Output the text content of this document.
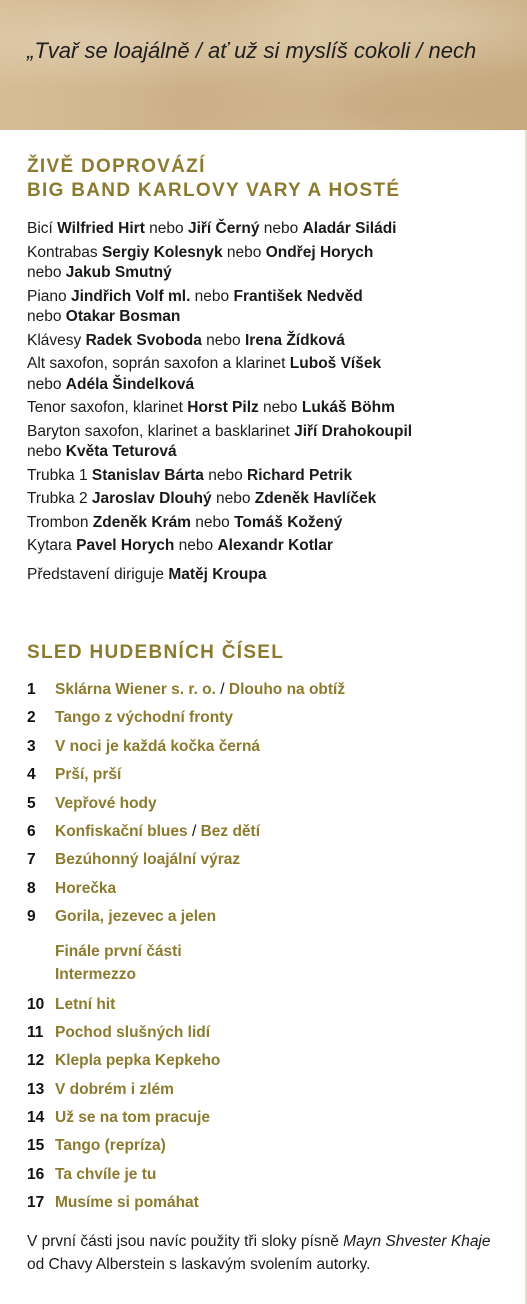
„Tvař se loajálně / ať už si myslíš cokoli / nech
ŽIVĚ DOPROVÁZÍ
BIG BAND KARLOVY VARY A HOSTÉ
Bicí Wilfried Hirt nebo Jiří Černý nebo Aladár Siládi
Kontrabas Sergiy Kolesnyk nebo Ondřej Horych
nebo Jakub Smutný
Piano Jindřich Volf ml. nebo František Nedvěd
nebo Otakar Bosman
Klávesy Radek Svoboda nebo Irena Žídková
Alt saxofon, soprán saxofon a klarinet Luboš Víšek
nebo Adéla Šindelková
Tenor saxofon, klarinet Horst Pilz nebo Lukáš Böhm
Baryton saxofon, klarinet a basklarinet Jiří Drahokoupil
nebo Květa Teturová
Trubka 1 Stanislav Bárta nebo Richard Petrik
Trubka 2 Jaroslav Dlouhý nebo Zdeněk Havlíček
Trombon Zdeněk Krám nebo Tomáš Kožený
Kytara Pavel Horych nebo Alexandr Kotlar
Představení diriguje Matěj Kroupa
SLED HUDEBNÍCH ČÍSEL
1 Sklárna Wiener s. r. o. / Dlouho na obtíž
2 Tango z východní fronty
3 V noci je každá kočka černá
4 Prší, prší
5 Vepřové hody
6 Konfiskační blues / Bez dětí
7 Bezúhonný loajální výraz
8 Horečka
9 Gorila, jezevec a jelen
Finále první části
Intermezzo
10 Letní hit
11 Pochod slušných lidí
12 Klepla pepka Kepkeho
13 V dobrém i zlém
14 Už se na tom pracuje
15 Tango (repríza)
16 Ta chvíle je tu
17 Musíme si pomáhat
V první části jsou navíc použity tři sloky písně Mayn Shvester Khaje od Chavy Alberstein s laskavým svolením autorky.
